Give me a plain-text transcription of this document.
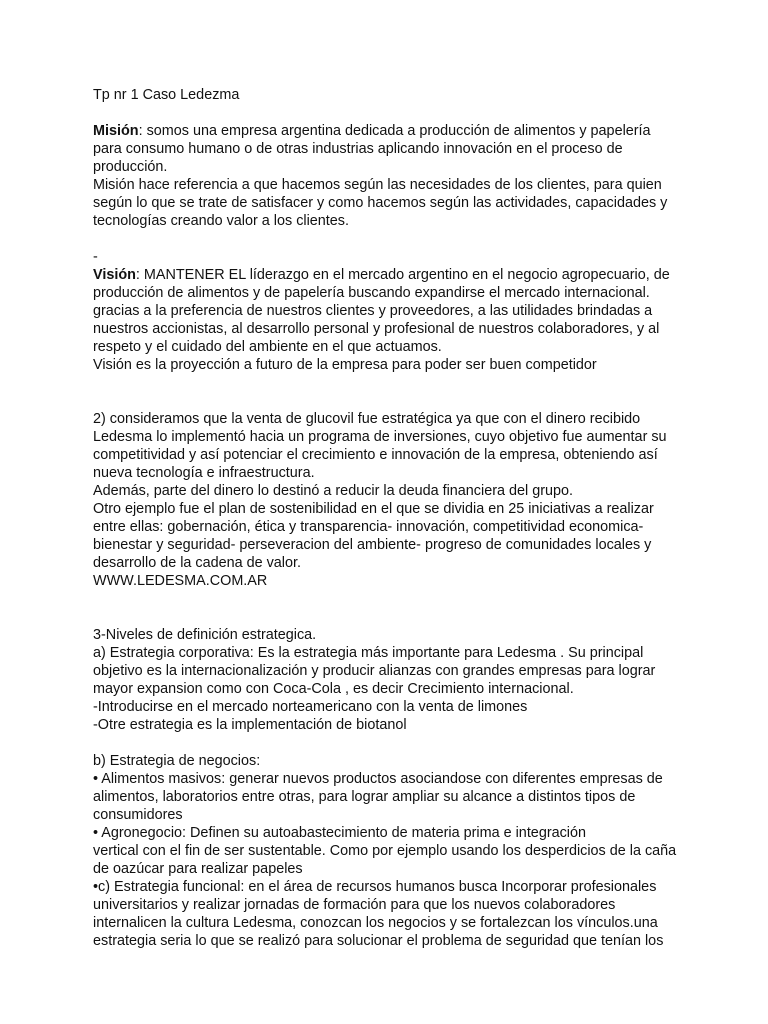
Tp nr 1 Caso Ledezma

Misión: somos una empresa argentina dedicada a producción de alimentos y papelería

para consumo humano o de otras industrias aplicando innovación en el proceso de

producción.

Misión hace referencia a que hacemos según las necesidades de los clientes, para quien

según lo que se trate de satisfacer y como hacemos según las actividades, capacidades y

tecnologías creando valor a los clientes.

-

Visión: MANTENER EL líderazgo en el mercado argentino en el negocio agropecuario, de

producción de alimentos y de papelería buscando expandirse el mercado internacional.

gracias a la preferencia de nuestros clientes y proveedores, a las utilidades brindadas a

nuestros accionistas, al desarrollo personal y profesional de nuestros colaboradores, y al

respeto y el cuidado del ambiente en el que actuamos.

Visión es la proyección a futuro de la empresa para poder ser buen competidor

2) consideramos que la venta de glucovil fue estratégica ya que con el dinero recibido

Ledesma lo implementó hacia un programa de inversiones, cuyo objetivo fue aumentar su

competitividad y así potenciar el crecimiento e innovación de la empresa, obteniendo así

nueva tecnología e infraestructura.

Además, parte del dinero lo destinó a reducir la deuda financiera del grupo.

Otro ejemplo fue el plan de sostenibilidad en el que se dividia en 25 iniciativas a realizar

entre ellas: gobernación, ética y transparencia- innovación, competitividad economica-

bienestar y seguridad- perseveracion del ambiente- progreso de comunidades locales y

desarrollo de la cadena de valor.

WWW.LEDESMA.COM.AR

3-Niveles de definición estrategica.

a) Estrategia corporativa: Es la estrategia más importante para Ledesma . Su principal

objetivo es la internacionalización y producir alianzas con grandes empresas para lograr

mayor expansion como con Coca-Cola , es decir Crecimiento internacional.

-Introducirse en el mercado norteamericano con la venta de limones

-Otre estrategia es la implementación de biotanol

b) Estrategia de negocios:

• Alimentos masivos: generar nuevos productos asociandose con diferentes empresas de

alimentos, laboratorios entre otras, para lograr ampliar su alcance a distintos tipos de

consumidores

• Agronegocio: Definen su autoabastecimiento de materia prima e integración

vertical con el fin de ser sustentable. Como por ejemplo usando los desperdicios de la caña

de oazúcar para realizar papeles

•c) Estrategia funcional: en el área de recursos humanos busca Incorporar profesionales

universitarios y realizar jornadas de formación para que los nuevos colaboradores

internalicen la cultura Ledesma, conozcan los negocios y se fortalezcan los vínculos.una

estrategia seria lo que se realizó para solucionar el problema de seguridad que tenían los
